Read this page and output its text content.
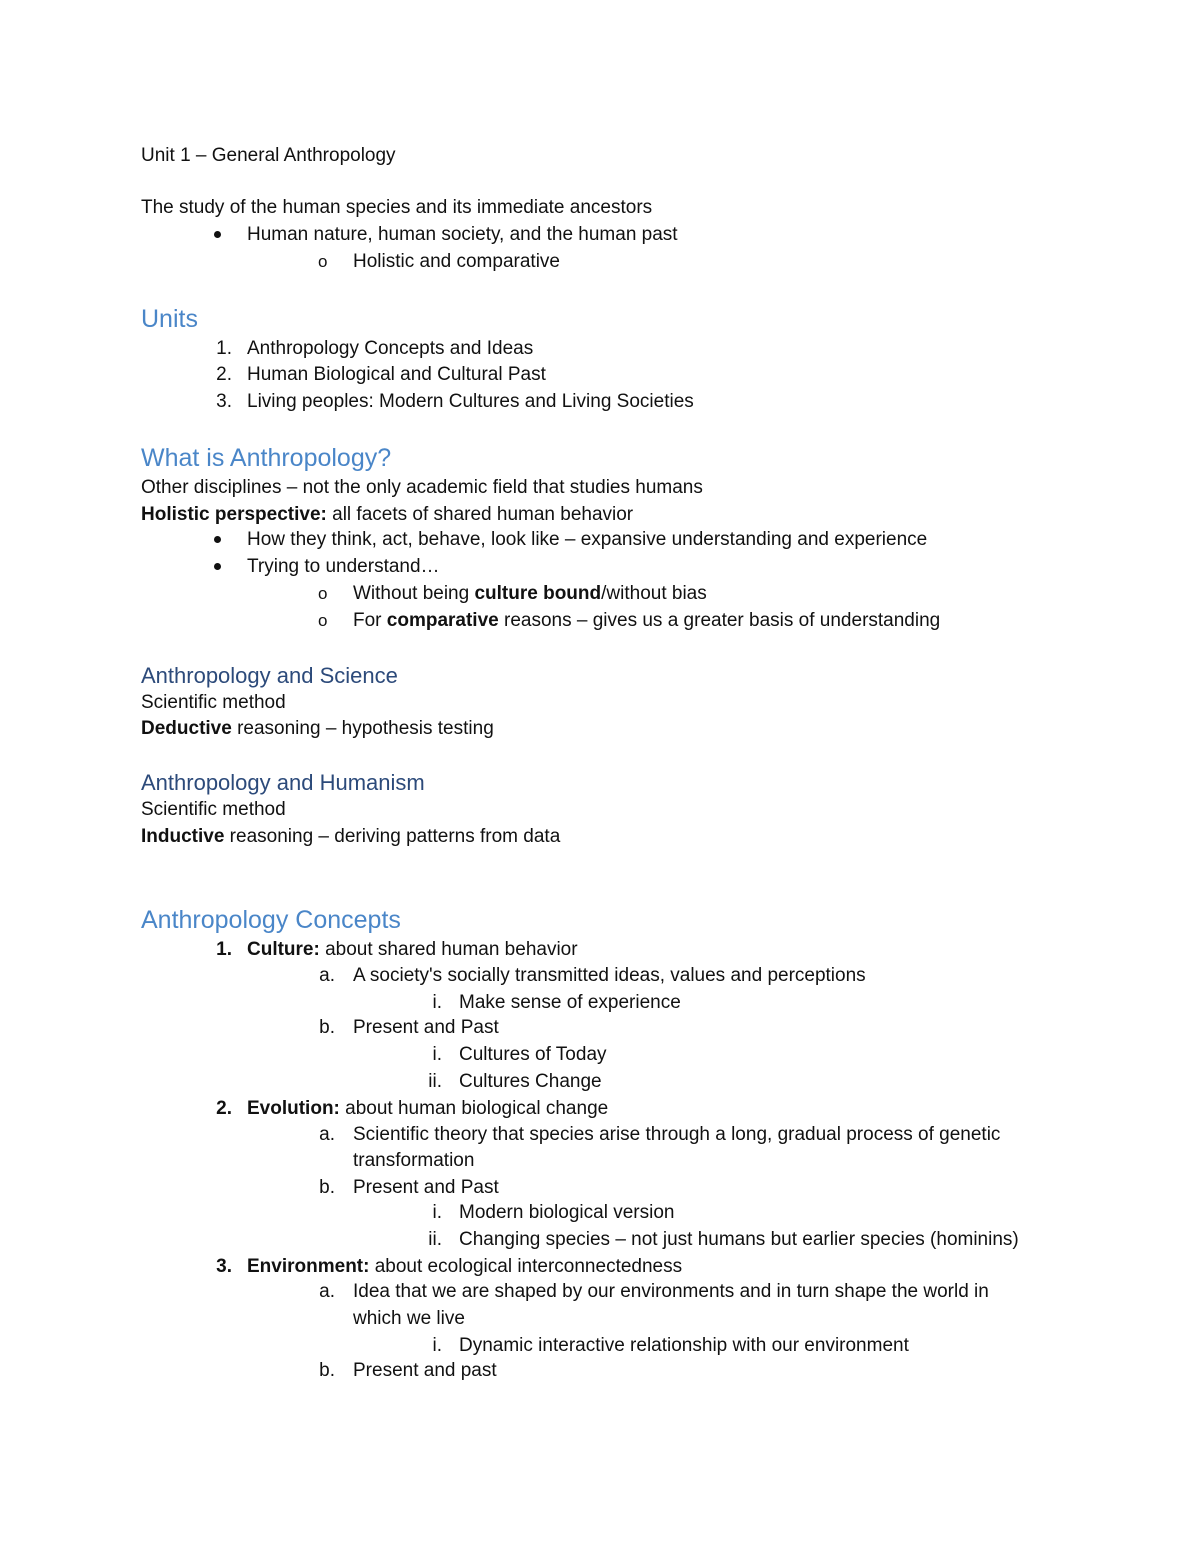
Unit 1 – General Anthropology
The study of the human species and its immediate ancestors
Human nature, human society, and the human past
o Holistic and comparative
Units
1. Anthropology Concepts and Ideas
2. Human Biological and Cultural Past
3. Living peoples: Modern Cultures and Living Societies
What is Anthropology?
Other disciplines – not the only academic field that studies humans
Holistic perspective: all facets of shared human behavior
How they think, act, behave, look like – expansive understanding and experience
Trying to understand…
o Without being culture bound/without bias
o For comparative reasons – gives us a greater basis of understanding
Anthropology and Science
Scientific method
Deductive reasoning – hypothesis testing
Anthropology and Humanism
Scientific method
Inductive reasoning – deriving patterns from data
Anthropology Concepts
1. Culture: about shared human behavior
a. A society's socially transmitted ideas, values and perceptions
i. Make sense of experience
b. Present and Past
i. Cultures of Today
ii. Cultures Change
2. Evolution: about human biological change
a. Scientific theory that species arise through a long, gradual process of genetic
transformation
b. Present and Past
i. Modern biological version
ii. Changing species – not just humans but earlier species (hominins)
3. Environment: about ecological interconnectedness
a. Idea that we are shaped by our environments and in turn shape the world in
which we live
i. Dynamic interactive relationship with our environment
b. Present and past
